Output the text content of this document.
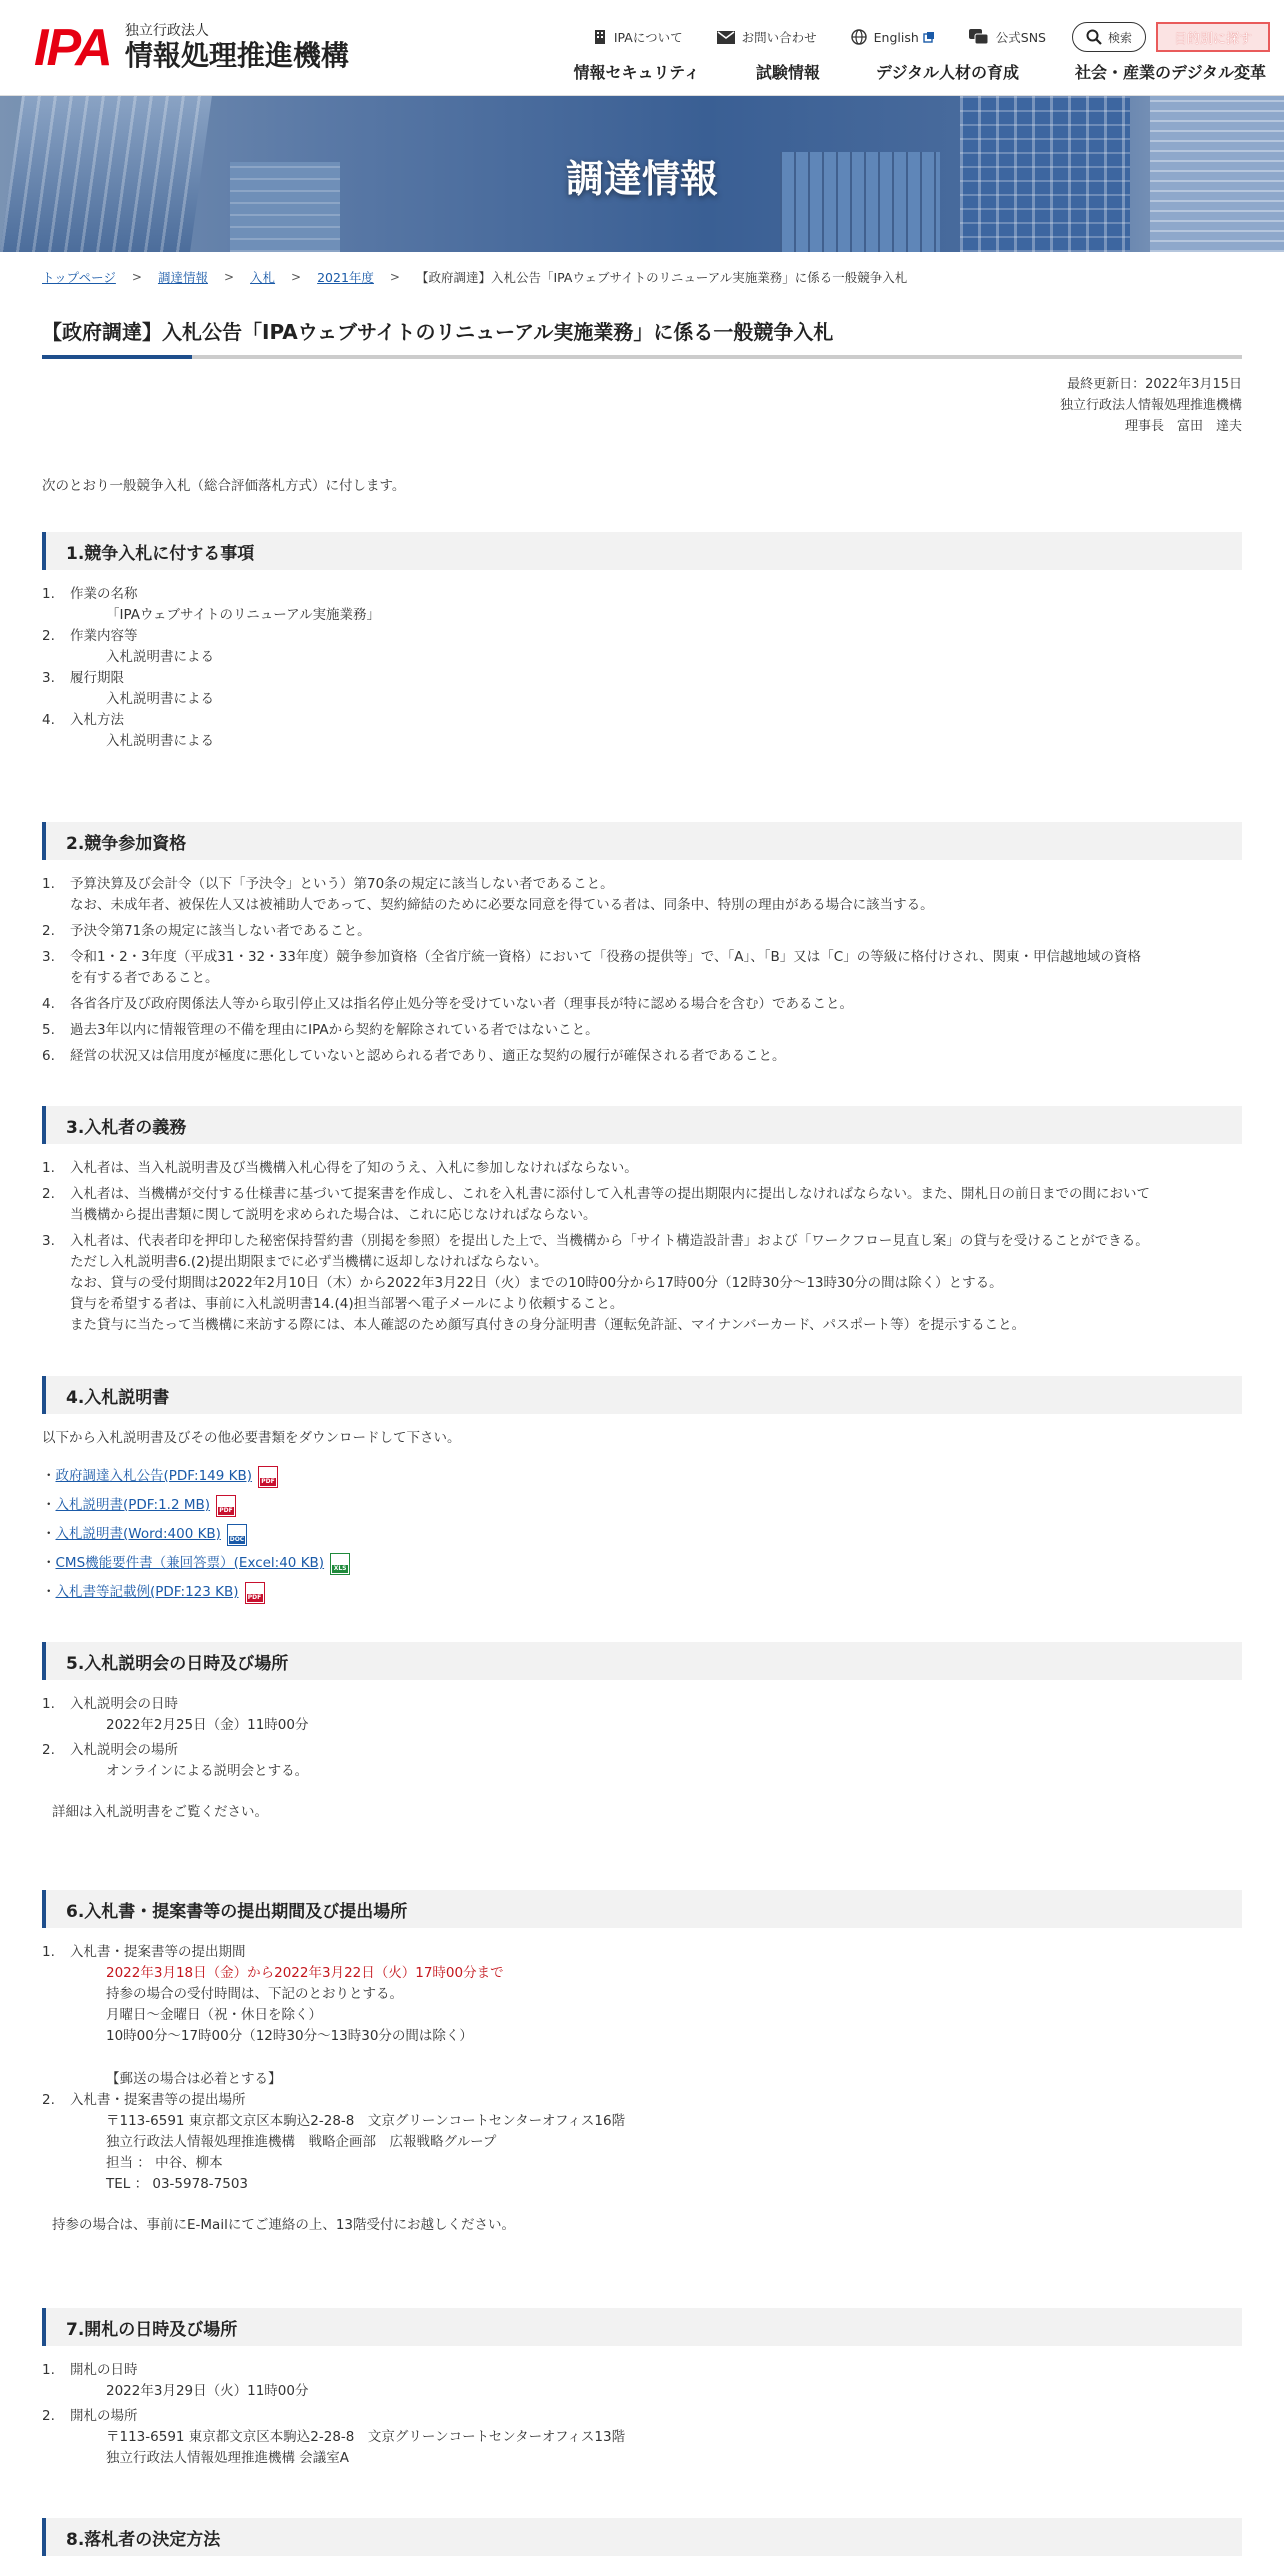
IPA 独立行政法人
情報処理推進機構
IPAについて	お問い合わせ	English	公式SNS	検索	目的別に探す
情報セキュリティ	試験情報	デジタル人材の育成	社会・産業のデジタル変革
調達情報
トップページ > 調達情報 > 入札 > 2021年度 > 【政府調達】入札公告「IPAウェブサイトのリニューアル実施業務」に係る一般競争入札
【政府調達】入札公告「IPAウェブサイトのリニューアル実施業務」に係る一般競争入札
最終更新日：2022年3月15日
独立行政法人情報処理推進機構
理事長　富田　達夫
次のとおり一般競争入札（総合評価落札方式）に付します。
1.競争入札に付する事項
1.	作業の名称
「IPAウェブサイトのリニューアル実施業務」
2.	作業内容等
入札説明書による
3.	履行期限
入札説明書による
4.	入札方法
入札説明書による
2.競争参加資格
1.	予算決算及び会計令（以下「予決令」という）第70条の規定に該当しない者であること。
なお、未成年者、被保佐人又は被補助人であって、契約締結のために必要な同意を得ている者は、同条中、特別の理由がある場合に該当する。
2.	予決令第71条の規定に該当しない者であること。
3.	令和1・2・3年度（平成31・32・33年度）競争参加資格（全省庁統一資格）において「役務の提供等」で、「A」、「B」又は「C」の等級に格付けされ、関東・甲信越地域の資格
を有する者であること。
4.	各省各庁及び政府関係法人等から取引停止又は指名停止処分等を受けていない者（理事長が特に認める場合を含む）であること。
5.	過去3年以内に情報管理の不備を理由にIPAから契約を解除されている者ではないこと。
6.	経営の状況又は信用度が極度に悪化していないと認められる者であり、適正な契約の履行が確保される者であること。
3.入札者の義務
1.	入札者は、当入札説明書及び当機構入札心得を了知のうえ、入札に参加しなければならない。
2.	入札者は、当機構が交付する仕様書に基づいて提案書を作成し、これを入札書に添付して入札書等の提出期限内に提出しなければならない。また、開札日の前日までの間において
当機構から提出書類に関して説明を求められた場合は、これに応じなければならない。
3.	入札者は、代表者印を押印した秘密保持誓約書（別掲を参照）を提出した上で、当機構から「サイト構造設計書」および「ワークフロー見直し案」の貸与を受けることができる。
ただし入札説明書6.(2)提出期限までに必ず当機構に返却しなければならない。
なお、貸与の受付期間は2022年2月10日（木）から2022年3月22日（火）までの10時00分から17時00分（12時30分～13時30分の間は除く）とする。
貸与を希望する者は、事前に入札説明書14.(4)担当部署へ電子メールにより依頼すること。
また貸与に当たって当機構に来訪する際には、本人確認のため顔写真付きの身分証明書（運転免許証、マイナンバーカード、パスポート等）を提示すること。
4.入札説明書
以下から入札説明書及びその他必要書類をダウンロードして下さい。
・ 政府調達入札公告(PDF:149 KB) PDF
・ 入札説明書(PDF:1.2 MB) PDF
・ 入札説明書(Word:400 KB) DOC
・ CMS機能要件書（兼回答票）(Excel:40 KB) XLS
・ 入札書等記載例(PDF:123 KB) PDF
5.入札説明会の日時及び場所
1.	入札説明会の日時
2022年2月25日（金）11時00分
2.	入札説明会の場所
オンラインによる説明会とする。
詳細は入札説明書をご覧ください。
6.入札書・提案書等の提出期間及び提出場所
1.	入札書・提案書等の提出期間
2022年3月18日（金）から2022年3月22日（火）17時00分まで
持参の場合の受付時間は、下記のとおりとする。
月曜日～金曜日（祝・休日を除く）
10時00分～17時00分（12時30分～13時30分の間は除く）
【郵送の場合は必着とする】
2.	入札書・提案書等の提出場所
〒113-6591 東京都文京区本駒込2-28-8　文京グリーンコートセンターオフィス16階
独立行政法人情報処理推進機構　戦略企画部　広報戦略グループ
担当 ： 中谷、柳本
TEL ： 03-5978-7503
持参の場合は、事前にE-Mailにてご連絡の上、13階受付にお越しください。
7.開札の日時及び場所
1.	開札の日時
2022年3月29日（火）11時00分
2.	開札の場所
〒113-6591 東京都文京区本駒込2-28-8　文京グリーンコートセンターオフィス13階
独立行政法人情報処理推進機構 会議室A
8.落札者の決定方法
